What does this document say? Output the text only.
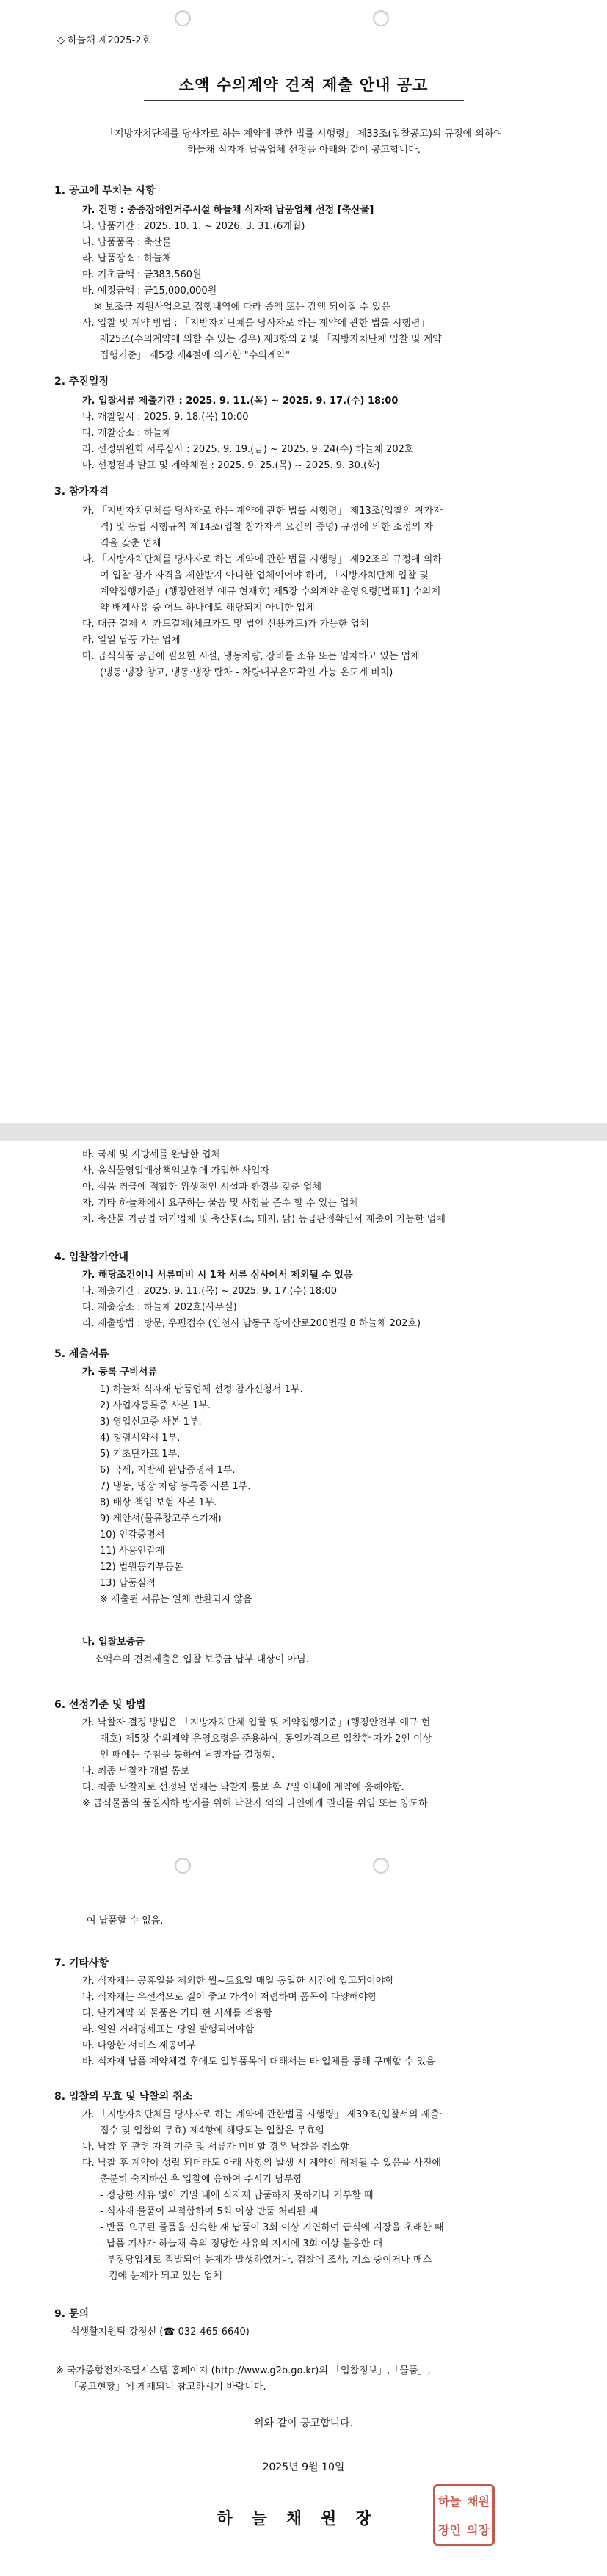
◇ 하늘채 제2025-2호
소액 수의계약 견적 제출 안내 공고
「지방자치단체를 당사자로 하는 계약에 관한 법률 시행령」 제33조(입찰공고)의 규정에 의하여
하늘채 식자재 납품업체 선정을 아래와 같이 공고합니다.
1. 공고에 부치는 사항
가. 건명 : 중증장애인거주시설 하늘채 식자재 납품업체 선정 [축산물]
나. 납품기간 : 2025. 10. 1. ~ 2026. 3. 31.(6개월)
다. 납품품목 : 축산물
라. 납품장소 : 하늘채
마. 기초금액 : 금383,560원
바. 예정금액 : 금15,000,000원
※ 보조금 지원사업으로 집행내역에 따라 증액 또는 감액 되어질 수 있음
사. 입찰 및 계약 방법 : 「지방자치단체를 당사자로 하는 계약에 관한 법률 시행령」
제25조(수의계약에 의할 수 있는 경우) 제3항의 2 및 「지방자치단체 입찰 및 계약
집행기준」 제5장 제4절에 의거한 "수의계약"
2. 추진일정
가. 입찰서류 제출기간 : 2025. 9. 11.(목) ~ 2025. 9. 17.(수) 18:00
나. 개찰일시 : 2025. 9. 18.(목) 10:00
다. 개찰장소 : 하늘채
라. 선정위원회 서류심사 : 2025. 9. 19.(금) ~ 2025. 9. 24(수) 하늘채 202호
마. 선정결과 발표 및 계약체결 : 2025. 9. 25.(목) ~ 2025. 9. 30.(화)
3. 참가자격
가. 「지방자치단체를 당사자로 하는 계약에 관한 법률 시행령」 제13조(입찰의 참가자
격) 및 동법 시행규칙 제14조(입찰 참가자격 요건의 증명) 규정에 의한 소정의 자
격을 갖춘 업체
나. 「지방자치단체를 당사자로 하는 계약에 관한 법률 시행령」 제92조의 규정에 의하
여 입찰 참가 자격을 제한받지 아니한 업체이어야 하며, 「지방자치단체 입찰 및
계약집행기준」(행정안전부 예규 현재호) 제5장 수의계약 운영요령[별표1] 수의계
약 배제사유 중 어느 하나에도 해당되지 아니한 업체
다. 대금 결제 시 카드결제(체크카드 및 법인 신용카드)가 가능한 업체
라. 일일 납품 가능 업체
마. 급식식품 공급에 필요한 시설, 냉동차량, 장비를 소유 또는 임차하고 있는 업체
(냉동·냉장 창고, 냉동·냉장 탑차 - 차량내부온도확인 가능 온도계 비치)
바. 국세 및 지방세를 완납한 업체
사. 음식물영업배상책임보험에 가입한 사업자
아. 식품 취급에 적합한 위생적인 시설과 환경을 갖춘 업체
자. 기타 하늘채에서 요구하는 물품 및 사항을 준수 할 수 있는 업체
차. 축산물 가공업 허가업체 및 축산물(소, 돼지, 닭) 등급판정확인서 제출이 가능한 업체
4. 입찰참가안내
가. 해당조건이니 서류미비 시 1차 서류 심사에서 제외될 수 있음
나. 제출기간 : 2025. 9. 11.(목) ~ 2025. 9. 17.(수) 18:00
다. 제출장소 : 하늘채 202호(사무실)
라. 제출방법 : 방문, 우편접수 (인천시 남동구 장아산로200번길 8 하늘채 202호)
5. 제출서류
가. 등록 구비서류
1) 하늘채 식자재 납품업체 선정 참가신청서 1부.
2) 사업자등록증 사본 1부.
3) 영업신고증 사본 1부.
4) 청렴서약서 1부.
5) 기초단가표 1부.
6) 국세, 지방세 완납증명서 1부.
7) 냉동, 냉장 차량 등록증 사본 1부.
8) 배상 책임 보험 사본 1부.
9) 제안서(물류창고주소기재)
10) 인감증명서
11) 사용인감계
12) 법원등기부등본
13) 납품실적
※ 제출된 서류는 일체 반환되지 않음
나. 입찰보증금
소액수의 견적제출은 입찰 보증금 납부 대상이 아님.
6. 선정기준 및 방법
가. 낙찰자 결정 방법은 「지방자치단체 입찰 및 계약집행기준」(행정안전부 예규 현
재호) 제5장 수의계약 운영요령을 준용하여, 동일가격으로 입찰한 자가 2인 이상
인 때에는 추첨을 통하여 낙찰자를 결정함.
나. 최종 낙찰자 개별 통보
다. 최종 낙찰자로 선정된 업체는 낙찰자 통보 후 7일 이내에 계약에 응해야함.
※ 급식물품의 품질저하 방지를 위해 낙찰자 외의 타인에게 권리를 위임 또는 양도하
여 납품할 수 없음.
7. 기타사항
가. 식자재는 공휴일을 제외한 월~토요일 매일 동일한 시간에 입고되어야함
나. 식자재는 우선적으로 질이 좋고 가격이 저렴하며 품목이 다양해야함
다. 단가계약 외 물품은 기타 현 시세를 적용함
라. 일일 거래명세표는 당일 발행되어야함
마. 다양한 서비스 제공여부
바. 식자재 납품 계약체결 후에도 일부품목에 대해서는 타 업체를 통해 구매할 수 있음
8. 입찰의 무효 및 낙찰의 취소
가. 「지방자치단체를 당사자로 하는 계약에 관한법률 시행령」 제39조(입찰서의 제출·
접수 및 입찰의 무효) 제4항에 해당되는 입찰은 무효임
나. 낙찰 후 관련 자격 기준 및 서류가 미비할 경우 낙찰을 취소함
다. 낙찰 후 계약이 성립 되더라도 아래 사항의 발생 시 계약이 해제될 수 있음을 사전에
충분히 숙지하신 후 입찰에 응하여 주시기 당부함
- 정당한 사유 없이 기일 내에 식자재 납품하지 못하거나 거부할 때
- 식자재 물품이 부적합하여 5회 이상 반품 처리된 때
- 반품 요구된 물품을 신속한 재 납품이 3회 이상 지연하여 급식에 지장을 초래한 때
- 납품 기사가 하늘채 측의 정당한 사유의 지시에 3회 이상 불응한 때
- 부정당업체로 적발되어 문제가 발생하였거나, 검찰에 조사, 기소 중이거나 매스
컴에 문제가 되고 있는 업체
9. 문의
식생활지원팀 강정선 (☎ 032-465-6640)
※ 국가종합전자조달시스템 홈페이지 (http://www.g2b.go.kr)의 「입찰정보」,「물품」,
「공고현황」에 게재되니 참고하시기 바랍니다.
위와 같이 공고합니다.
2025년 9월 10일
하늘채원장
하늘 채원
장인 의장
